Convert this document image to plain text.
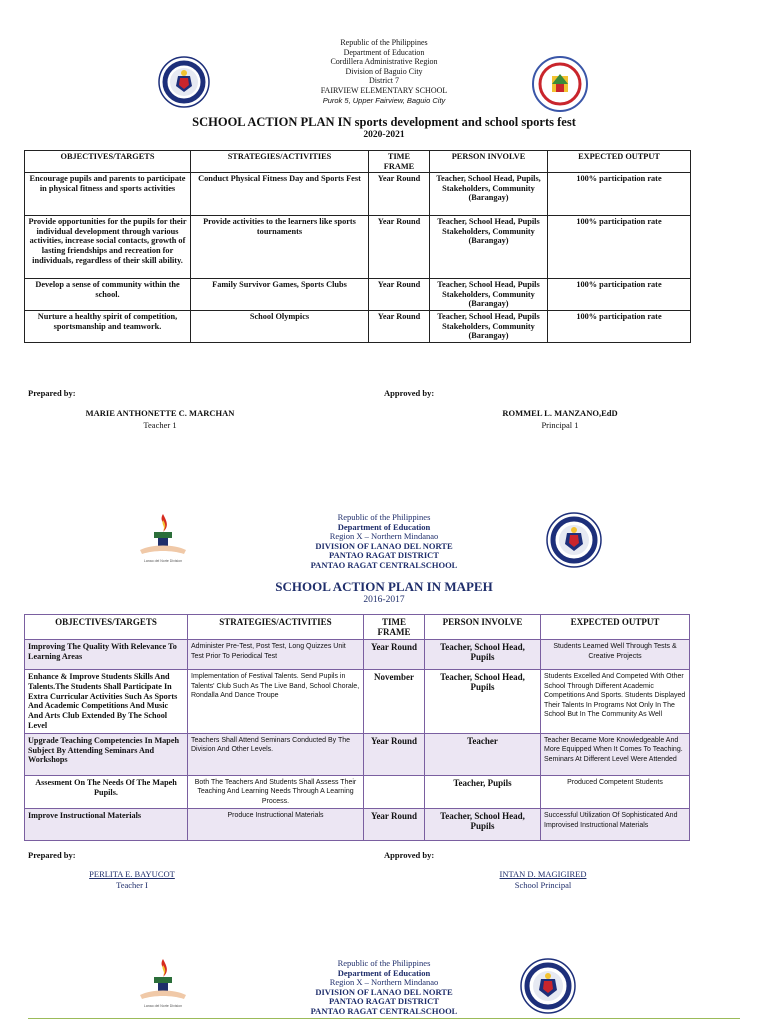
Republic of the Philippines
Department of Education
Cordillera Administrative Region
Division of Baguio City
District 7
FAIRVIEW ELEMENTARY SCHOOL
Purok 5, Upper Fairview, Baguio City
SCHOOL ACTION PLAN IN sports development and school sports fest
2020-2021
OBJECTIVES/TARGETS	STRATEGIES/ACTIVITIES	TIME FRAME	PERSON INVOLVE	EXPECTED OUTPUT
Encourage pupils and parents to participate in physical fitness and sports activities	Conduct Physical Fitness Day and Sports Fest	Year Round	Teacher, School Head, Pupils, Stakeholders, Community (Barangay)	100% participation rate
Provide opportunities for the pupils for their individual development through various activities, increase social contacts, growth of lasting friendships and recreation for individuals, regardless of their skill ability.	Provide activities to the learners like sports tournaments	Year Round	Teacher, School Head, Pupils Stakeholders, Community (Barangay)	100% participation rate
Develop a sense of community within the school.	Family Survivor Games, Sports Clubs	Year Round	Teacher, School Head, Pupils Stakeholders, Community (Barangay)	100% participation rate
Nurture a healthy spirit of competition, sportsmanship and teamwork.	School Olympics	Year Round	Teacher, School Head, Pupils Stakeholders, Community (Barangay)	100% participation rate
Prepared by:	Approved by:
MARIE ANTHONETTE C. MARCHAN
Teacher 1
ROMMEL L. MANZANO,EdD
Principal 1
Lanao del Norte Division
Republic of the Philippines
Department of Education
Region X – Northern Mindanao
DIVISION OF LANAO DEL NORTE
PANTAO RAGAT DISTRICT
PANTAO RAGAT CENTRALSCHOOL
SCHOOL ACTION PLAN IN MAPEH
2016-2017
OBJECTIVES/TARGETS	STRATEGIES/ACTIVITIES	TIME FRAME	PERSON INVOLVE	EXPECTED OUTPUT
Improving The Quality With Relevance To Learning Areas	Administer Pre-Test, Post Test, Long Quizzes Unit Test Prior To Periodical Test	Year Round	Teacher, School Head, Pupils	Students Learned Well Through Tests & Creative Projects
Enhance & Improve Students Skills And Talents.The Students Shall Participate In Extra Curricular Activities Such As Sports And Academic Competitions And Music And Arts Club Extended By The School Level	Implementation of Festival Talents. Send Pupils in Talents' Club Such As The Live Band, School Chorale, Rondalla And Dance Troupe	November	Teacher, School Head, Pupils	Students Excelled And Competed With Other School Through Different Academic Competitions And Sports. Students Displayed Their Talents In Programs Not Only In The School But In The Community As Well
Upgrade Teaching Competencies In Mapeh Subject By Attending Seminars And Workshops	Teachers Shall Attend Seminars Conducted By The Division And Other Levels.	Year Round	Teacher	Teacher Became More Knowledgeable And More Equipped When It Comes To Teaching. Seminars At Different Level Were Attended
Assesment On The Needs Of The Mapeh Pupils.	Both The Teachers And Students Shall Assess Their Teaching And Learning Needs Through A Learning Process.		Teacher, Pupils	Produced Competent Students
Improve Instructional Materials	Produce Instructional Materials	Year Round	Teacher, School Head, Pupils	Successful Utilization Of Sophisticated And Improvised Instructional Materials
Prepared by:	Approved by:
PERLITA E. BAYUCOT
Teacher I
INTAN D. MAGIGIRED
School Principal
Lanao del Norte Division
Republic of the Philippines
Department of Education
Region X – Northern Mindanao
DIVISION OF LANAO DEL NORTE
PANTAO RAGAT DISTRICT
PANTAO RAGAT CENTRALSCHOOL
